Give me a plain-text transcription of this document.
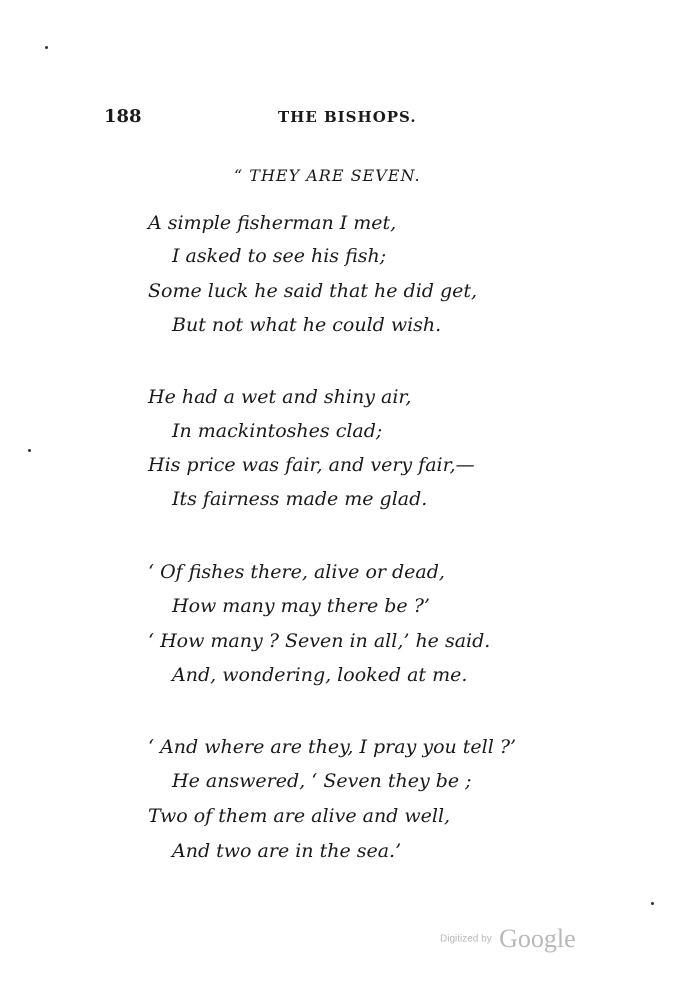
188	THE BISHOPS.
“ THEY ARE SEVEN.
A simple fisherman I met,
I asked to see his fish;
Some luck he said that he did get,
But not what he could wish.
He had a wet and shiny air,
In mackintoshes clad;
His price was fair, and very fair,—
Its fairness made me glad.
‘ Of fishes there, alive or dead,
How many may there be ?’
‘ How many ? Seven in all,’ he said.
And, wondering, looked at me.
‘ And where are they, I pray you tell ?’
He answered, ‘ Seven they be ;
Two of them are alive and well,
And two are in the sea.’
Digitized by Google
